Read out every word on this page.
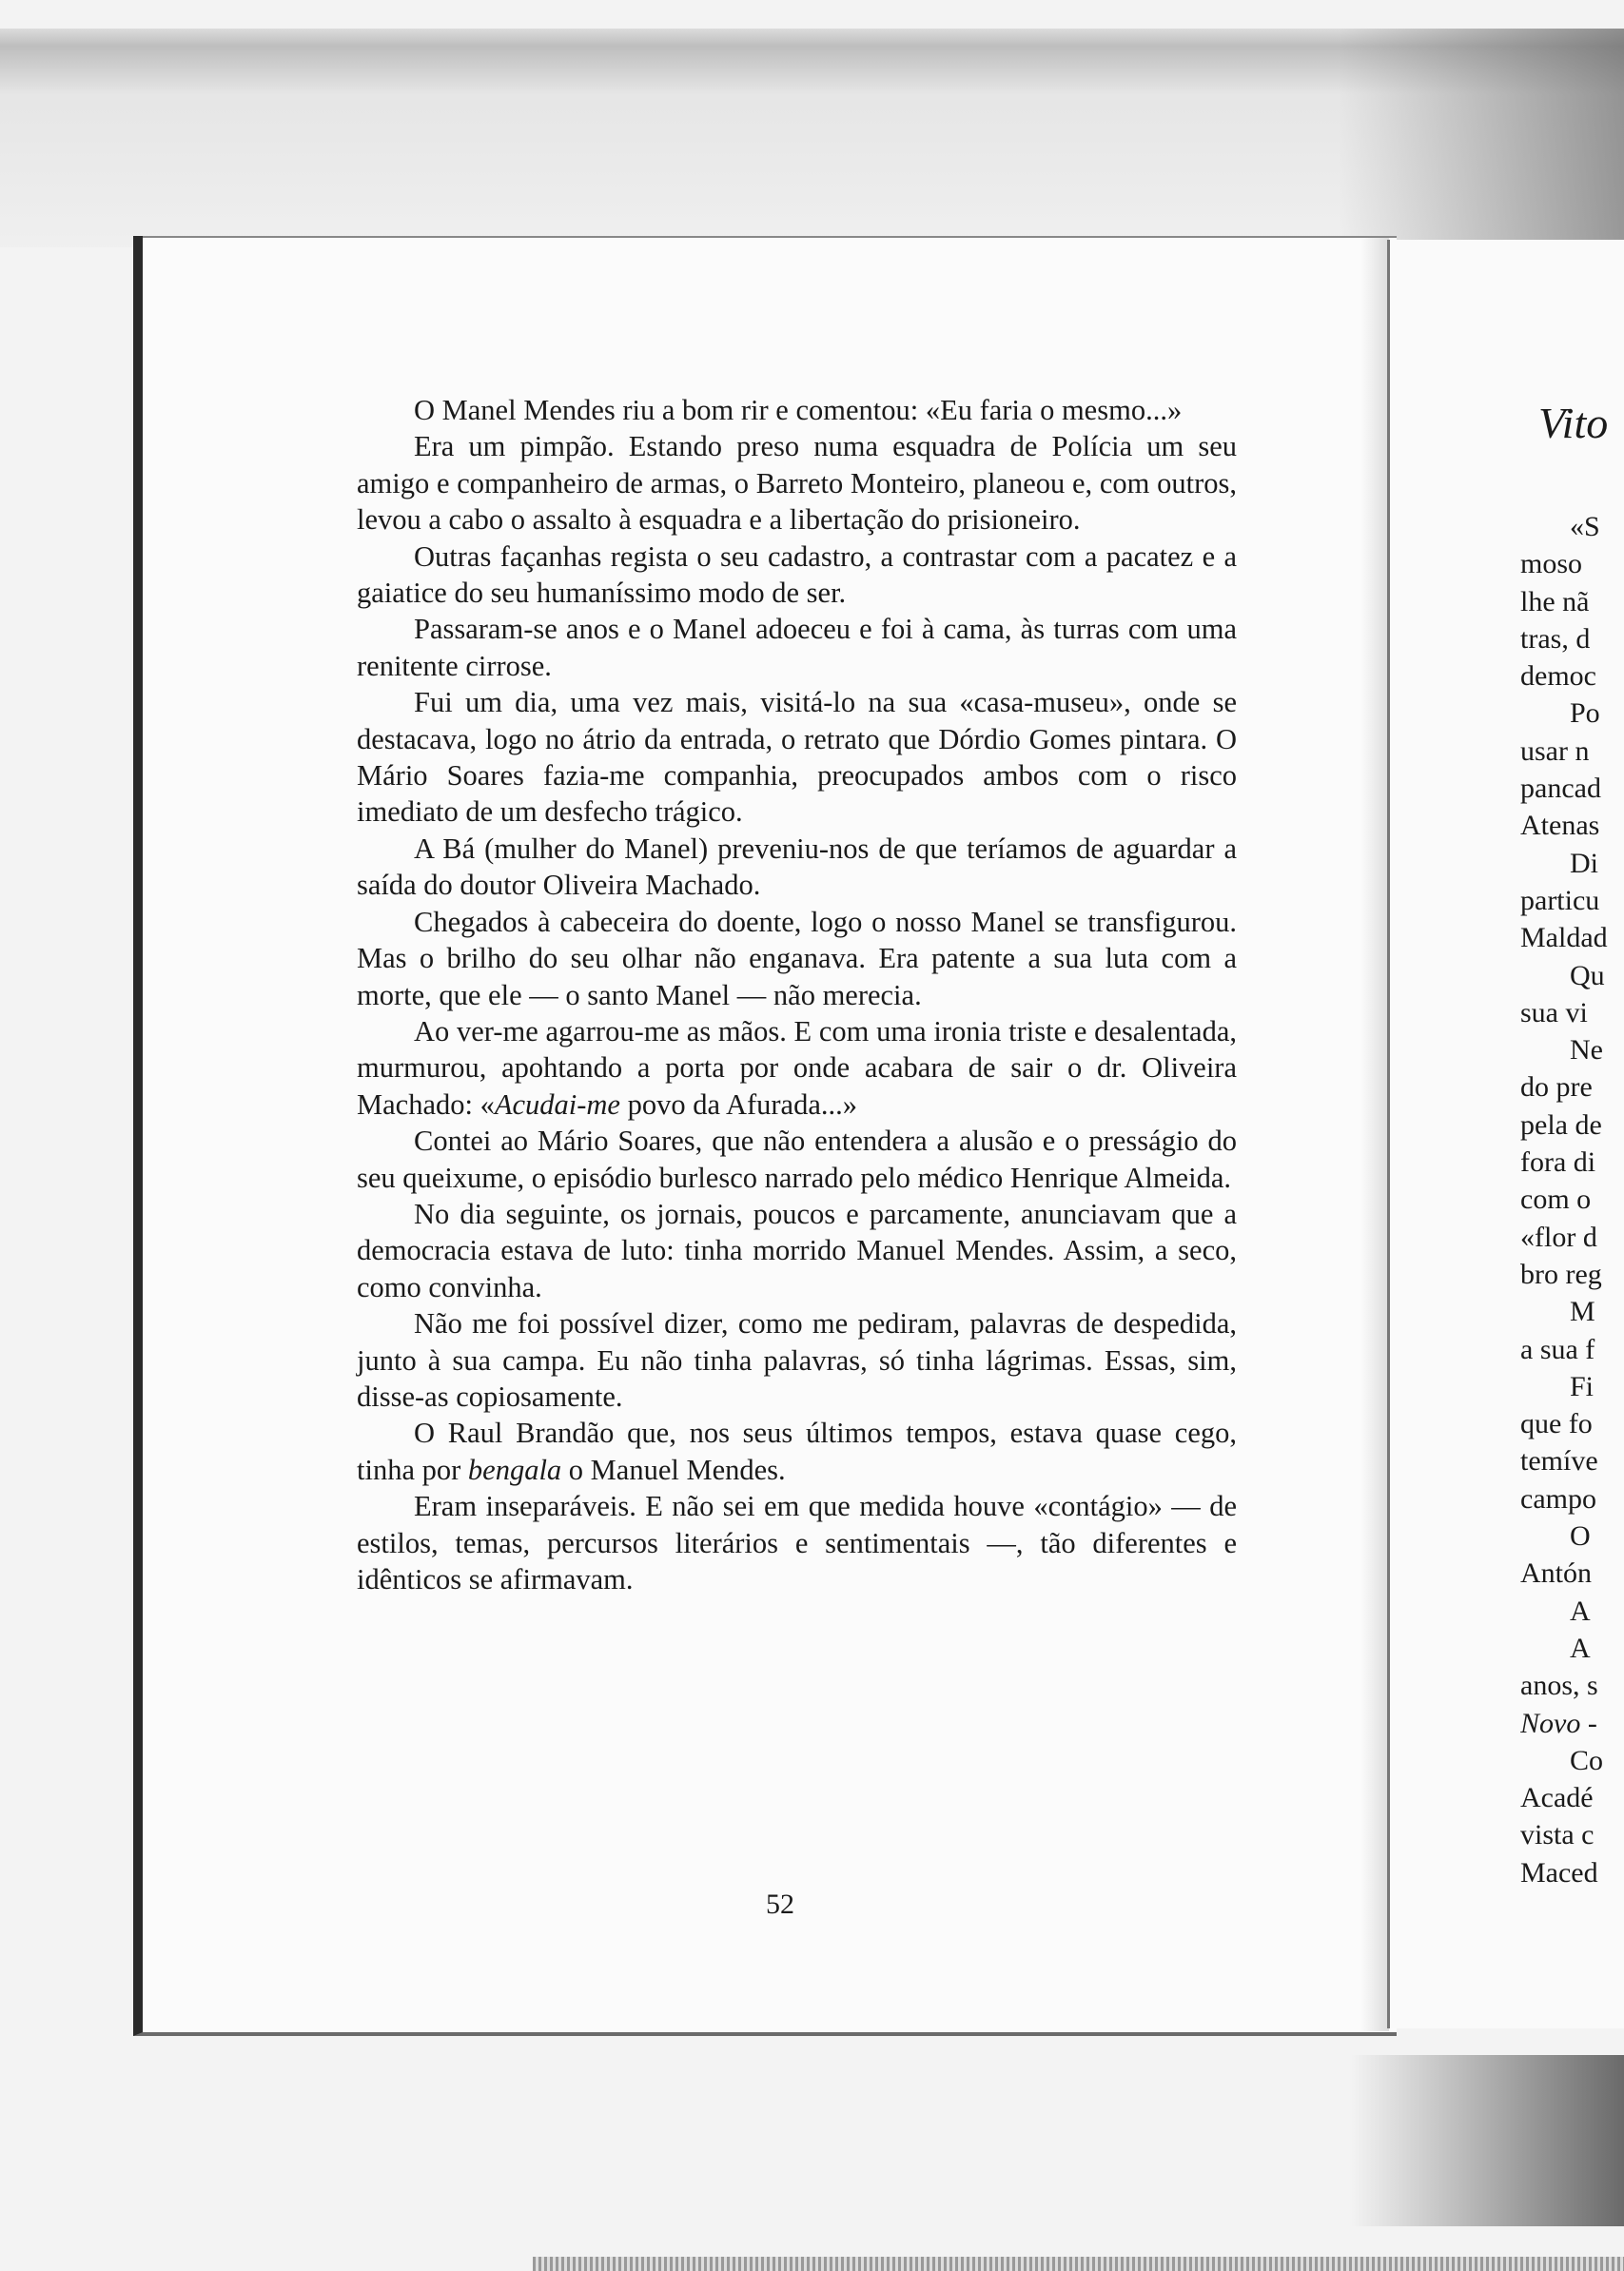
O Manel Mendes riu a bom rir e comentou: «Eu faria o mesmo...»

Era um pimpão. Estando preso numa esquadra de Polícia um seu amigo e companheiro de armas, o Barreto Monteiro, planeou e, com outros, levou a cabo o assalto à esquadra e a libertação do prisioneiro.

Outras façanhas regista o seu cadastro, a contrastar com a pacatez e a gaiatice do seu humaníssimo modo de ser.

Passaram-se anos e o Manel adoeceu e foi à cama, às turras com uma renitente cirrose.

Fui um dia, uma vez mais, visitá-lo na sua «casa-museu», onde se destacava, logo no átrio da entrada, o retrato que Dórdio Gomes pintara. O Mário Soares fazia-me companhia, preocupados ambos com o risco imediato de um desfecho trágico.

A Bá (mulher do Manel) preveniu-nos de que teríamos de aguardar a saída do doutor Oliveira Machado.

Chegados à cabeceira do doente, logo o nosso Manel se transfigurou. Mas o brilho do seu olhar não enganava. Era patente a sua luta com a morte, que ele — o santo Manel — não merecia.

Ao ver-me agarrou-me as mãos. E com uma ironia triste e desalentada, murmurou, apohtando a porta por onde acabara de sair o dr. Oliveira Machado: «Acudai-me povo da Afurada...»

Contei ao Mário Soares, que não entendera a alusão e o presságio do seu queixume, o episódio burlesco narrado pelo médico Henrique Almeida.

No dia seguinte, os jornais, poucos e parcamente, anunciavam que a democracia estava de luto: tinha morrido Manuel Mendes. Assim, a seco, como convinha.

Não me foi possível dizer, como me pediram, palavras de despedida, junto à sua campa. Eu não tinha palavras, só tinha lágrimas. Essas, sim, disse-as copiosamente.

O Raul Brandão que, nos seus últimos tempos, estava quase cego, tinha por bengala o Manuel Mendes.

Eram inseparáveis. E não sei em que medida houve «contágio» — de estilos, temas, percursos literários e sentimentais —, tão diferentes e idênticos se afirmavam.

52
Vito
«S
moso
lhe nã
tras, d
democ
Po
usar n
pancad
Atenas
Di
particu
Maldad
Qu
sua vi
Ne
do pre
pela de
fora di
com o
«flor d
bro reg
M
a sua f
Fi
que fo
temíve
campo
O
Antón
A
A
anos, s
Novo -
Co
Acadé
vista c
Maced
